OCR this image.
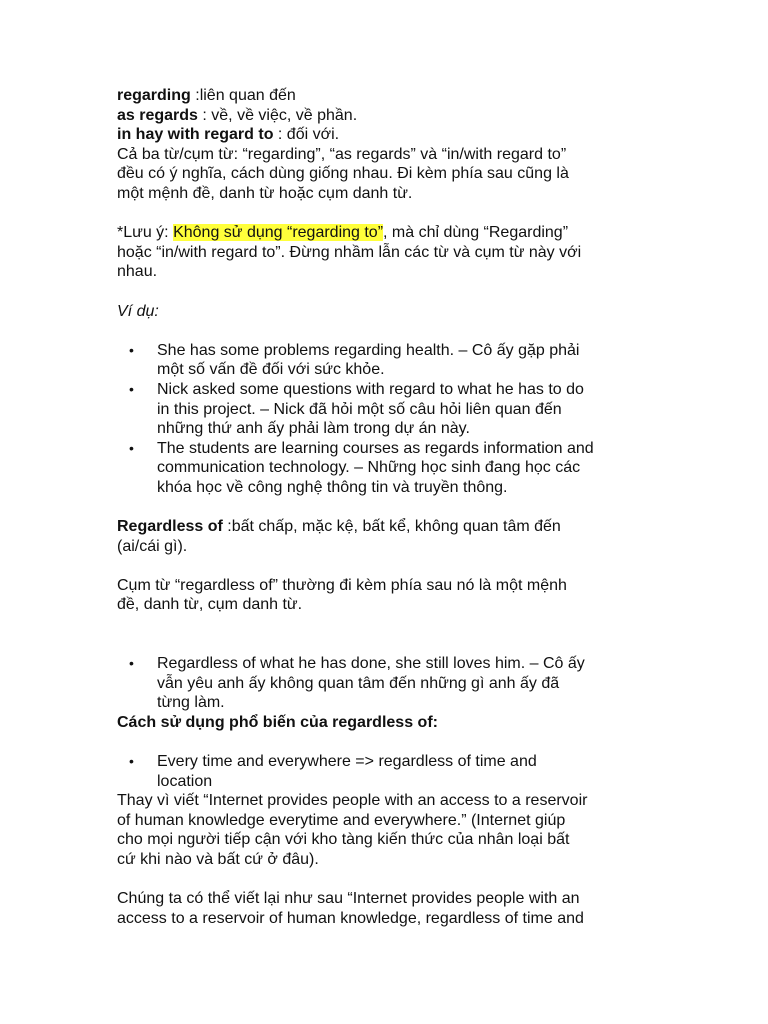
regarding :liên quan đến
as regards : về, về việc, về phần.
in hay with regard to : đối với.
Cả ba từ/cụm từ: “regarding”, “as regards” và “in/with regard to”
đều có ý nghĩa, cách dùng giống nhau. Đi kèm phía sau cũng là
một mệnh đề, danh từ hoặc cụm danh từ.
*Lưu ý: Không sử dụng “regarding to”, mà chỉ dùng “Regarding”
hoặc “in/with regard to”. Đừng nhầm lẫn các từ và cụm từ này với
nhau.
Ví dụ:
• She has some problems regarding health. – Cô ấy gặp phải
một số vấn đề đối với sức khỏe.
• Nick asked some questions with regard to what he has to do
in this project. – Nick đã hỏi một số câu hỏi liên quan đến
những thứ anh ấy phải làm trong dự án này.
• The students are learning courses as regards information and
communication technology. – Những học sinh đang học các
khóa học về công nghệ thông tin và truyền thông.
Regardless of :bất chấp, mặc kệ, bất kể, không quan tâm đến
(ai/cái gì).
Cụm từ “regardless of” thường đi kèm phía sau nó là một mệnh
đề, danh từ, cụm danh từ.
• Regardless of what he has done, she still loves him. – Cô ấy
vẫn yêu anh ấy không quan tâm đến những gì anh ấy đã
từng làm.
Cách sử dụng phổ biến của regardless of:
• Every time and everywhere => regardless of time and
location
Thay vì viết “Internet provides people with an access to a reservoir
of human knowledge everytime and everywhere.” (Internet giúp
cho mọi người tiếp cận với kho tàng kiến thức của nhân loại bất
cứ khi nào và bất cứ ở đâu).
Chúng ta có thể viết lại như sau “Internet provides people with an
access to a reservoir of human knowledge, regardless of time and
